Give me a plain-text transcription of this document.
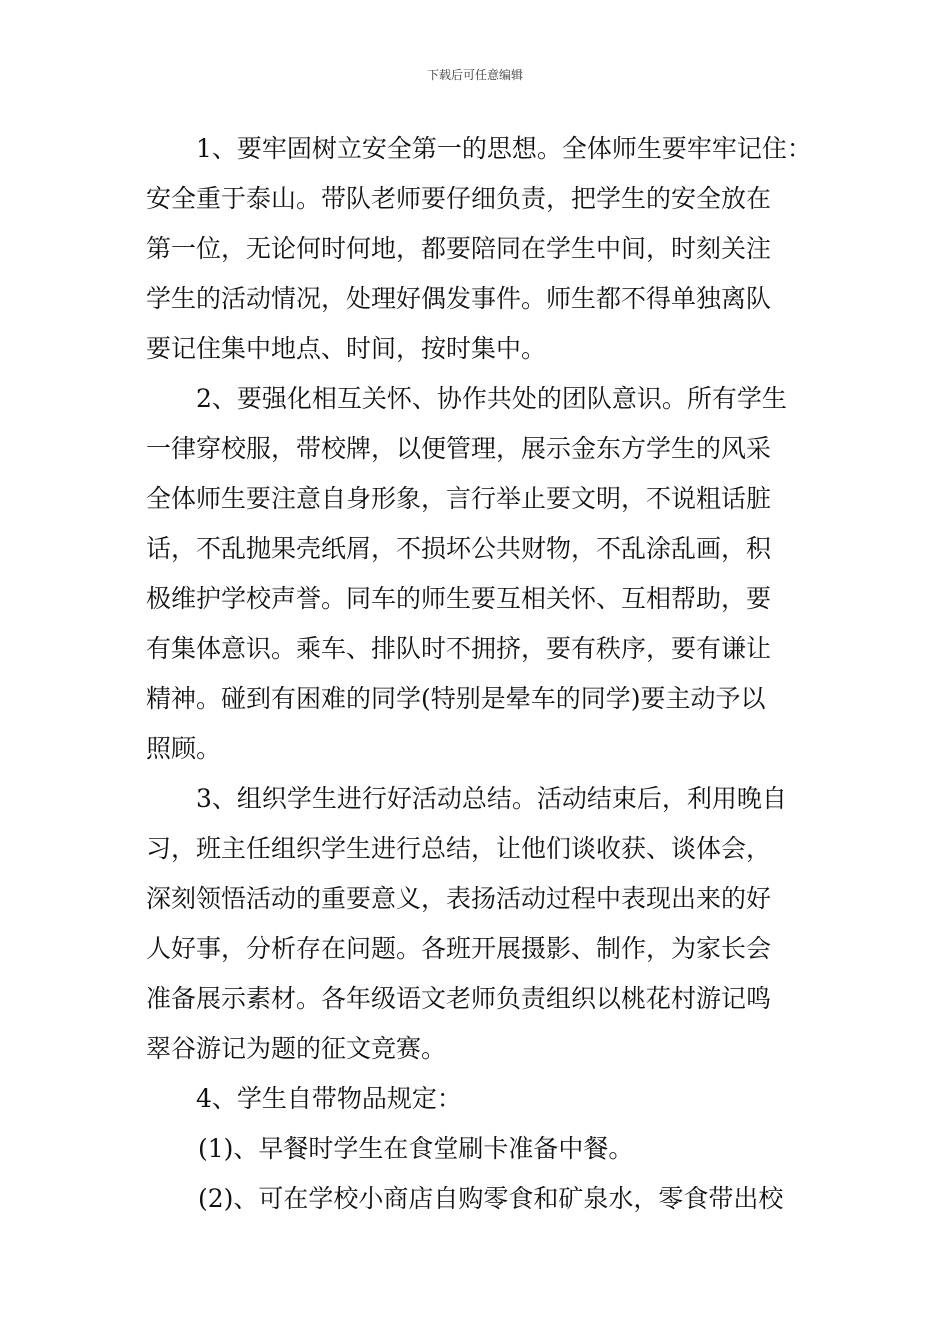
下载后可任意编辑
1、要牢固树立安全第一的思想。全体师生要牢牢记住：
安全重于泰山。带队老师要仔细负责，把学生的安全放在
第一位，无论何时何地，都要陪同在学生中间，时刻关注
学生的活动情况，处理好偶发事件。师生都不得单独离队
要记住集中地点、时间，按时集中。
2、要强化相互关怀、协作共处的团队意识。所有学生
一律穿校服，带校牌，以便管理，展示金东方学生的风采
全体师生要注意自身形象，言行举止要文明，不说粗话脏
话，不乱抛果壳纸屑，不损坏公共财物，不乱涂乱画，积
极维护学校声誉。同车的师生要互相关怀、互相帮助，要
有集体意识。乘车、排队时不拥挤，要有秩序，要有谦让
精神。碰到有困难的同学(特别是晕车的同学)要主动予以
照顾。
3、组织学生进行好活动总结。活动结束后，利用晚自
习，班主任组织学生进行总结，让他们谈收获、谈体会，
深刻领悟活动的重要意义，表扬活动过程中表现出来的好
人好事，分析存在问题。各班开展摄影、制作，为家长会
准备展示素材。各年级语文老师负责组织以桃花村游记鸣
翠谷游记为题的征文竞赛。
4、学生自带物品规定：
(1)、早餐时学生在食堂刷卡准备中餐。
(2)、可在学校小商店自购零食和矿泉水，零食带出校
